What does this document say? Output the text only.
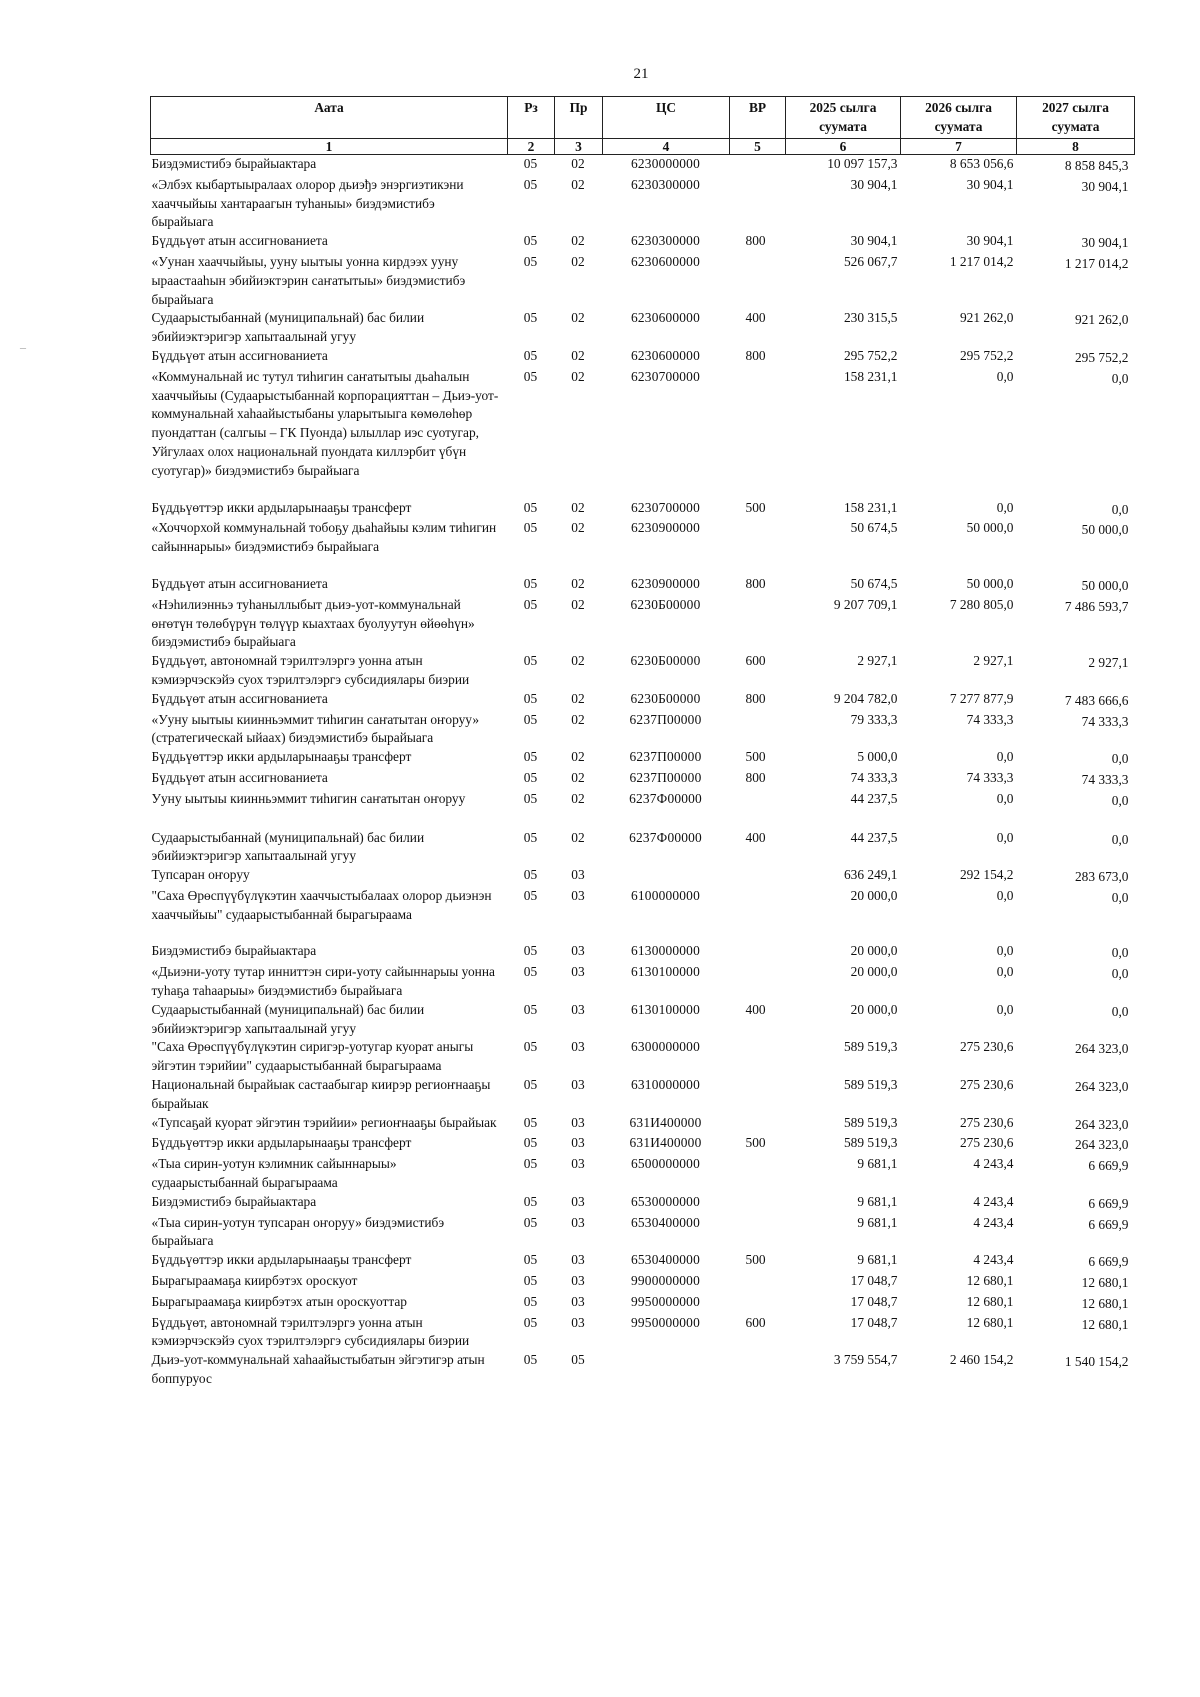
21
–
Аата	Рз	Пр	ЦС	ВР	2025 сылга суумата	2026 сылга суумата	2027 сылга суумата
1	2	3	4	5	6	7	8
Биэдэмистибэ бырайыактара	05	02	6230000000		10 097 157,3	8 653 056,6	8 858 845,3
«Элбэх кыбартыыралаах олорор дьиэђэ энэргиэтикэни хааччыйыы хантараагын туhаныы» биэдэмистибэ бырайыага	05	02	6230300000		30 904,1	30 904,1	30 904,1
Бүддьүөт атын ассигнованиета	05	02	6230300000	800	30 904,1	30 904,1	30 904,1
«Уунан хааччыйыы, ууну ыытыы уонна кирдээх ууну ыраастааhын эбийиэктэрин саҥатытыы» биэдэмистибэ бырайыага	05	02	6230600000		526 067,7	1 217 014,2	1 217 014,2
Судаарыстыбаннай (муниципальнай) бас билии эбийиэктэригэр хапытаалынай угуу	05	02	6230600000	400	230 315,5	921 262,0	921 262,0
Бүддьүөт атын ассигнованиета	05	02	6230600000	800	295 752,2	295 752,2	295 752,2
«Коммунальнай ис тутул тиһигин саҥатытыы дьаhалын хааччыйыы (Судаарыстыбаннай корпорацияттан – Дьиэ-уот-коммунальнай хаhаайыстыбаны уларытыыга көмөлөһөр пуондаттан (салгыы – ГК Пуонда) ылыллар иэс суотугар, Уйгулаах олох национальнай пуондата киллэрбит үбүн суотугар)» биэдэмистибэ бырайыага	05	02	6230700000		158 231,1	0,0	0,0
Бүддьүөттэр икки ардыларынааҕы трансферт	05	02	6230700000	500	158 231,1	0,0	0,0
«Хоччорхой коммунальнай тобоҕу дьаhайыы кэлим тиһигин сайыннарыы» биэдэмистибэ бырайыага	05	02	6230900000		50 674,5	50 000,0	50 000,0
Бүддьүөт атын ассигнованиета	05	02	6230900000	800	50 674,5	50 000,0	50 000,0
«Нэһилиэнньэ туhаныллыбыт дьиэ-уот-коммунальнай өҥөтүн төлөбүрүн төлүүр кыахтаах буолуутун өйөөhүн» биэдэмистибэ бырайыага	05	02	6230Б00000		9 207 709,1	7 280 805,0	7 486 593,7
Бүддьүөт, автономнай тэрилтэлэргэ уонна атын кэмиэрчэскэйэ суох тэрилтэлэргэ субсидиялары биэрии	05	02	6230Б00000	600	2 927,1	2 927,1	2 927,1
Бүддьүөт атын ассигнованиета	05	02	6230Б00000	800	9 204 782,0	7 277 877,9	7 483 666,6
«Ууну ыытыы киинньэммит тиһигин саҥатытан оҥоруу» (стратегическай ыйаах) биэдэмистибэ бырайыага	05	02	6237П00000		79 333,3	74 333,3	74 333,3
Бүддьүөттэр икки ардыларынааҕы трансферт	05	02	6237П00000	500	5 000,0	0,0	0,0
Бүддьүөт атын ассигнованиета	05	02	6237П00000	800	74 333,3	74 333,3	74 333,3
Ууну ыытыы киинньэммит тиһигин саҥатытан оҥоруу	05	02	6237Ф00000		44 237,5	0,0	0,0
Судаарыстыбаннай (муниципальнай) бас билии эбийиэктэригэр хапытаалынай угуу	05	02	6237Ф00000	400	44 237,5	0,0	0,0
Тупсаран оҥоруу	05	03			636 249,1	292 154,2	283 673,0
"Саха Өрөспүүбүлүкэтин хааччыстыбалаах олорор дьиэнэн хааччыйыы" судаарыстыбаннай бырагыраама	05	03	6100000000		20 000,0	0,0	0,0
Биэдэмистибэ бырайыактара	05	03	6130000000		20 000,0	0,0	0,0
«Дьиэни-уоту тутар инниттэн сири-уоту сайыннарыы уонна туhаҕа таhаарыы» биэдэмистибэ бырайыага	05	03	6130100000		20 000,0	0,0	0,0
Судаарыстыбаннай (муниципальнай) бас билии эбийиэктэригэр хапытаалынай угуу	05	03	6130100000	400	20 000,0	0,0	0,0
"Саха Өрөспүүбүлүкэтин сиригэр-уотугар куорат аныгы эйгэтин тэрийии" судаарыстыбаннай бырагыраама	05	03	6300000000		589 519,3	275 230,6	264 323,0
Национальнай бырайыак састаабыгар киирэр региоҥнааҕы бырайыак	05	03	6310000000		589 519,3	275 230,6	264 323,0
«Тупсаҕай куорат эйгэтин тэрийии» региоҥнааҕы бырайыак	05	03	631И400000		589 519,3	275 230,6	264 323,0
Бүддьүөттэр икки ардыларынааҕы трансферт	05	03	631И400000	500	589 519,3	275 230,6	264 323,0
«Тыа сирин-уотун кэлимник сайыннарыы» судаарыстыбаннай бырагыраама	05	03	6500000000		9 681,1	4 243,4	6 669,9
Биэдэмистибэ бырайыактара	05	03	6530000000		9 681,1	4 243,4	6 669,9
«Тыа сирин-уотун тупсаран оҥоруу» биэдэмистибэ бырайыага	05	03	6530400000		9 681,1	4 243,4	6 669,9
Бүддьүөттэр икки ардыларынааҕы трансферт	05	03	6530400000	500	9 681,1	4 243,4	6 669,9
Бырагыраамаҕа киирбэтэх ороскуот	05	03	9900000000		17 048,7	12 680,1	12 680,1
Бырагыраамаҕа киирбэтэх атын ороскуоттар	05	03	9950000000		17 048,7	12 680,1	12 680,1
Бүддьүөт, автономнай тэрилтэлэргэ уонна атын кэмиэрчэскэйэ суох тэрилтэлэргэ субсидиялары биэрии	05	03	9950000000	600	17 048,7	12 680,1	12 680,1
Дьиэ-уот-коммунальнай хаhаайыстыбатын эйгэтигэр атын боппуруос	05	05			3 759 554,7	2 460 154,2	1 540 154,2
